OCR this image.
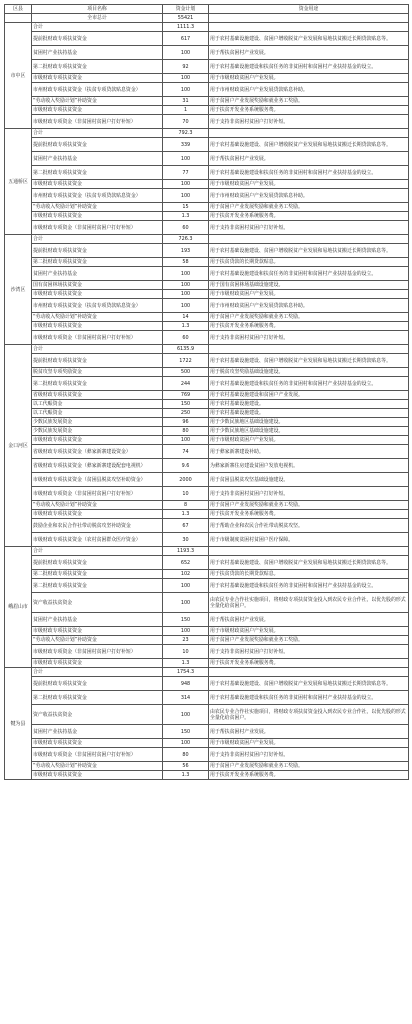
区县	项目名称	资金计划	资金用途
	全市总计	55421	
市中区	合计	1111.3	
	提前批财政专项扶贫资金	617	用于农村基础设施建设、贫困户增收脱贫产业发展和易地扶贫搬迁长期贷款贴息等。
	贫困村产业扶持基金	100	用于帮扶贫困村产业发展。
	第二批财政专项扶贫资金	92	用于农村基础设施建设和扶贫任务的非贫困村和贫困村产业扶持基金的设立。
	市级财政专项扶贫资金	100	用于市级财政贫困户产业发展。
	市州财政专项扶贫资金（扶贫专项贷款贴息资金）	100	用于市州财政贫困户产业发展贷款贴息补助。
	“劳动收入奖励计划”补助资金	31	用于贫困户产业发展奖励和就业务工奖励。
	市级财政专项扶贫资金	1	用于扶贫开发业务系统服务费。
	市级财政专项资金（非贫困村贫困户打好补短）	70	用于支持非贫困村贫困户打好补短。
五通桥区	合计	792.3	
	提前批财政专项扶贫资金	339	用于农村基础设施建设、贫困户增收脱贫产业发展和易地扶贫搬迁长期贷款贴息等。
	贫困村产业扶持基金	100	用于帮扶贫困村产业发展。
	第二批财政专项扶贫资金	77	用于农村基础设施建设和扶贫任务的非贫困村和贫困村产业扶持基金的设立。
	市级财政专项扶贫资金	100	用于市级财政贫困户产业发展。
	市州财政专项扶贫资金（扶贫专项贷款贴息资金）	100	用于市州财政贫困户产业发展贷款贴息补助。
	“劳动收入奖励计划”补助资金	15	用于贫困户产业发展奖励和就业务工奖励。
	市级财政专项扶贫资金	1.3	用于扶贫开发业务系统服务费。
	市级财政专项资金（非贫困村贫困户打好补短）	60	用于支持非贫困村贫困户打好补短。
沙湾区	合计	726.3	
	提前批财政专项扶贫资金	193	用于农村基础设施建设、贫困户增收脱贫产业发展和易地扶贫搬迁长期贷款贴息等。
	第二批财政专项扶贫资金	58	用于扶贫贷款的长期贷款贴息。
	贫困村产业扶持基金	100	用于农村基础设施建设和扶贫任务的非贫困村和贫困村产业扶持基金的设立。
	国有贫困林场扶贫资金	100	用于国有贫困林场基础设施建设。
	市级财政专项扶贫资金	100	用于市级财政贫困户产业发展。
	市州财政专项扶贫资金（扶贫专项贷款贴息资金）	100	用于市州财政贫困户产业发展贷款贴息补助。
	“劳动收入奖励计划”补助资金	14	用于贫困户产业发展奖励和就业务工奖励。
	市级财政专项扶贫资金	1.3	用于扶贫开发业务系统服务费。
	市级财政专项资金（非贫困村贫困户打好补短）	60	用于支持非贫困村贫困户打好补短。
金口河区	合计	6135.9	
	提前批财政专项扶贫资金	1722	用于农村基础设施建设、贫困户增收脱贫产业发展和易地扶贫搬迁长期贷款贴息等。
	脱贫攻坚专项奖励资金	500	用于脱贫攻坚奖励基础设施建设。
	第二批财政专项扶贫资金	244	用于农村基础设施建设和扶贫任务的非贫困村和贫困村产业扶持基金的设立。
	省级财政专项扶贫资金	769	用于农村基础设施建设和贫困户产业发展。
	以工代赈资金	150	用于农村基础设施建设。
	以工代赈资金	250	用于农村基础设施建设。
	少数民族发展资金	96	用于少数民族地区基础设施建设。
	少数民族发展资金	80	用于少数民族地区基础设施建设。
	市级财政专项扶贫资金	100	用于市级财政贫困户产业发展。
	省级财政专项扶贫资金（彝家新寨建设资金）	74	用于彝家新寨建设补助。
	省级财政专项扶贫资金（彝家新寨建设配套电视机）	9.6	为彝家新寨住房建设贫困户发放电视机。
	市级财政专项扶贫资金（贫困县脱贫攻坚补助资金）	2000	用于贫困县脱贫攻坚基础设施建设。
	市级财政专项资金（非贫困村贫困户打好补短）	10	用于支持非贫困村贫困户打好补短。
	“劳动收入奖励计划”补助资金	8	用于贫困户产业发展奖励和就业务工奖励。
	市级财政专项扶贫资金	1.3	用于扶贫开发业务系统服务费。
	鼓励企业和农民合作社带动脱贫攻坚补助资金	67	用于帮助企业和农民合作社带动脱贫攻坚。
	市级财政专项扶贫资金（农村贫困群众医疗资金）	30	用于市级制度贫困村贫困户医疗保障。
峨眉山市	合计	1193.3	
	提前批财政专项扶贫资金	652	用于农村基础设施建设、贫困户增收脱贫产业发展和易地扶贫搬迁长期贷款贴息等。
	第二批财政专项扶贫资金	102	用于扶贫贷款的长期贷款贴息。
	第二批财政专项扶贫资金	100	用于农村基础设施建设和扶贫任务的非贫困村和贫困村产业扶持基金的设立。
	资产收益扶贫资金	100	由农民专业合作社实施项目，将财政专项扶贫资金投入到农民专业合作社，以优先股的形式全量化给贫困户。
	贫困村产业扶持基金	150	用于帮扶贫困村产业发展。
	市级财政专项扶贫资金	100	用于市级财政贫困户产业发展。
	“劳动收入奖励计划”补助资金	23	用于贫困户产业发展奖励和就业务工奖励。
	市级财政专项资金（非贫困村贫困户打好补短）	10	用于支持非贫困村贫困户打好补短。
	市级财政专项扶贫资金	1.3	用于扶贫开发业务系统服务费。
犍为县	合计	1754.3	
	提前批财政专项扶贫资金	948	用于农村基础设施建设、贫困户增收脱贫产业发展和易地扶贫搬迁长期贷款贴息等。
	第二批财政专项扶贫资金	314	用于农村基础设施建设和扶贫任务的非贫困村和贫困村产业扶持基金的设立。
	资产收益扶贫资金	100	由农民专业合作社实施项目，将财政专项扶贫资金投入到农民专业合作社，以优先股的形式全量化给贫困户。
	贫困村产业扶持基金	150	用于帮扶贫困村产业发展。
	市级财政专项扶贫资金	100	用于市级财政贫困户产业发展。
	市级财政专项资金（非贫困村贫困户打好补短）	80	用于支持非贫困村贫困户打好补短。
	“劳动收入奖励计划”补助资金	56	用于贫困户产业发展奖励和就业务工奖励。
	市级财政专项扶贫资金	1.3	用于扶贫开发业务系统服务费。
